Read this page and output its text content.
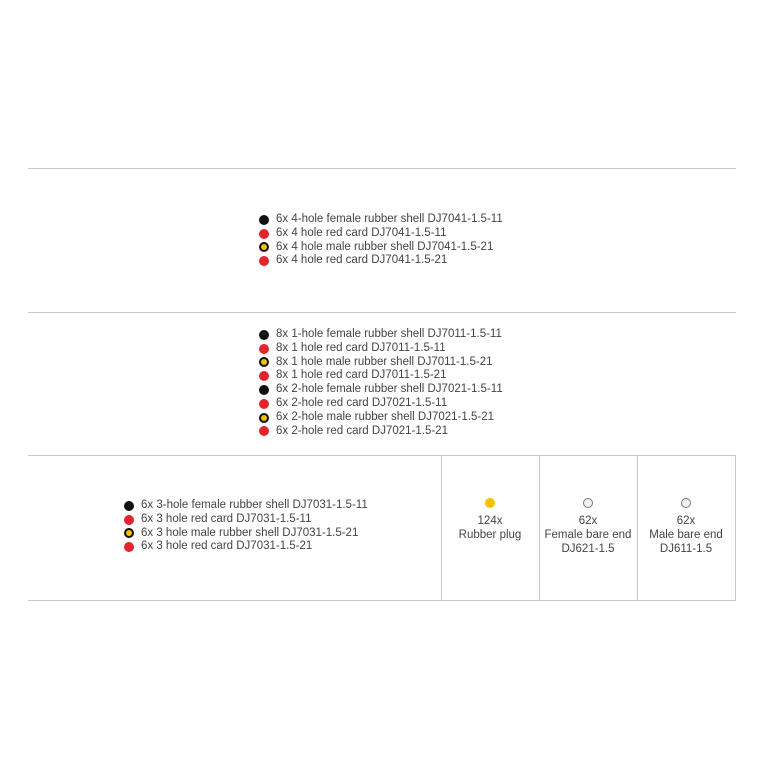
6x 4-hole female rubber shell DJ7041-1.5-11
6x 4 hole red card DJ7041-1.5-11
6x 4 hole male rubber shell DJ7041-1.5-21
6x 4 hole red card DJ7041-1.5-21
8x 1-hole female rubber shell DJ7011-1.5-11
8x 1 hole red card DJ7011-1.5-11
8x 1 hole male rubber shell DJ7011-1.5-21
8x 1 hole red card DJ7011-1.5-21
6x 2-hole female rubber shell DJ7021-1.5-11
6x 2-hole red card DJ7021-1.5-11
6x 2-hole male rubber shell DJ7021-1.5-21
6x 2-hole red card DJ7021-1.5-21
6x 3-hole female rubber shell DJ7031-1.5-11
6x 3 hole red card DJ7031-1.5-11
6x 3 hole male rubber shell DJ7031-1.5-21
6x 3 hole red card DJ7031-1.5-21
124x
Rubber plug
62x
Female bare end
DJ621-1.5
62x
Male bare end
DJ611-1.5
